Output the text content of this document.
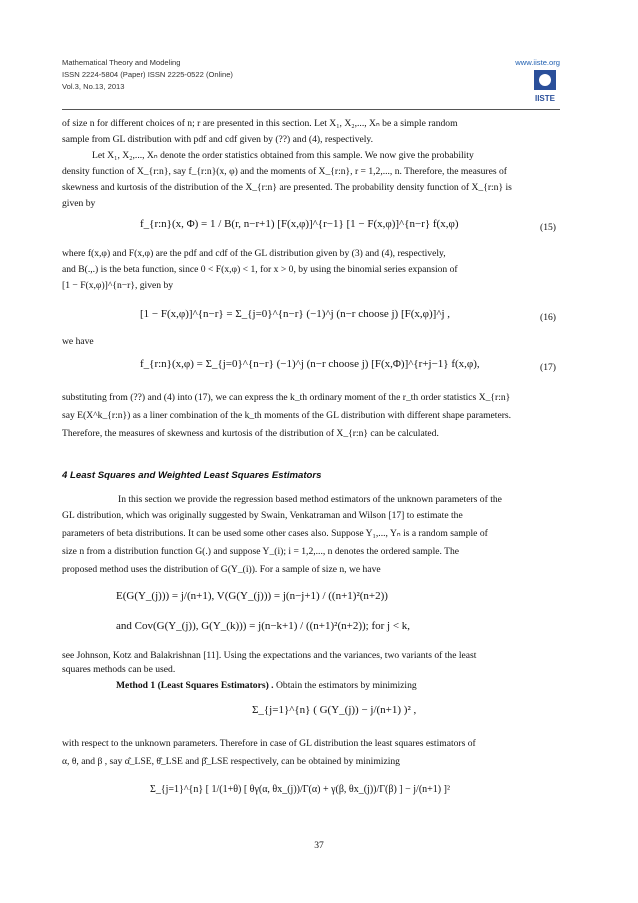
Mathematical Theory and Modeling
ISSN 2224-5804 (Paper) ISSN 2225-0522 (Online)
Vol.3, No.13, 2013
www.iiste.org
IISTE
of size n for different choices of n; r are presented in this section. Let X₁, X₂,..., Xₙ be a simple random
sample from GL distribution with pdf and cdf given by (??) and (4), respectively.
Let X₁, X₂,..., Xₙ denote the order statistics obtained from this sample. We now give the probability
density function of X_{r:n}, say f_{r:n}(x, φ) and the moments of X_{r:n}, r = 1,2,..., n. Therefore, the measures of
skewness and kurtosis of the distribution of the X_{r:n} are presented. The probability density function of X_{r:n} is
given by
f_{r:n}(x, Φ) = 1 / B(r, n−r+1) [F(x,φ)]^{r−1} [1 − F(x,φ)]^{n−r} f(x,φ)	(15)
where f(x,φ) and F(x,φ) are the pdf and cdf of the GL distribution given by (3) and (4), respectively,
and B(.,.) is the beta function, since 0 < F(x,φ) < 1, for x > 0, by using the binomial series expansion of
[1 − F(x,φ)]^{n−r}, given by
[1 − F(x,φ)]^{n−r} = Σ_{j=0}^{n−r} (−1)^j (n−r choose j) [F(x,φ)]^j ,	(16)
we have
f_{r:n}(x,φ) = Σ_{j=0}^{n−r} (−1)^j (n−r choose j) [F(x,Φ)]^{r+j−1} f(x,φ),	(17)
substituting from (??) and (4) into (17), we can express the k_th ordinary moment of the r_th order statistics X_{r:n}
say E(X^k_{r:n}) as a liner combination of the k_th moments of the GL distribution with different shape parameters.
Therefore, the measures of skewness and kurtosis of the distribution of X_{r:n} can be calculated.
4 Least Squares and Weighted Least Squares Estimators
In this section we provide the regression based method estimators of the unknown parameters of the
GL distribution, which was originally suggested by Swain, Venkatraman and Wilson [17] to estimate the
parameters of beta distributions. It can be used some other cases also. Suppose Y₁,..., Yₙ is a random sample of
size n from a distribution function G(.) and suppose Y_(i); i = 1,2,..., n denotes the ordered sample. The
proposed method uses the distribution of G(Y_(i)). For a sample of size n, we have
E(G(Y_(j))) = j/(n+1), V(G(Y_(j))) = j(n−j+1) / ((n+1)²(n+2))
and Cov(G(Y_(j)), G(Y_(k))) = j(n−k+1) / ((n+1)²(n+2)); for j < k,
see Johnson, Kotz and Balakrishnan [11]. Using the expectations and the variances, two variants of the least
squares methods can be used.
Method 1 (Least Squares Estimators) . Obtain the estimators by minimizing
Σ_{j=1}^{n} ( G(Y_(j)) − j/(n+1) )² ,
with respect to the unknown parameters. Therefore in case of GL distribution the least squares estimators of
α, θ, and β , say α̂_LSE, θ̂_LSE and β̂_LSE respectively, can be obtained by minimizing
Σ_{j=1}^{n} [ 1/(1+θ) [ θγ(α, θx_(j))/Γ(α) + γ(β, θx_(j))/Γ(β) ] − j/(n+1) ]²
37
